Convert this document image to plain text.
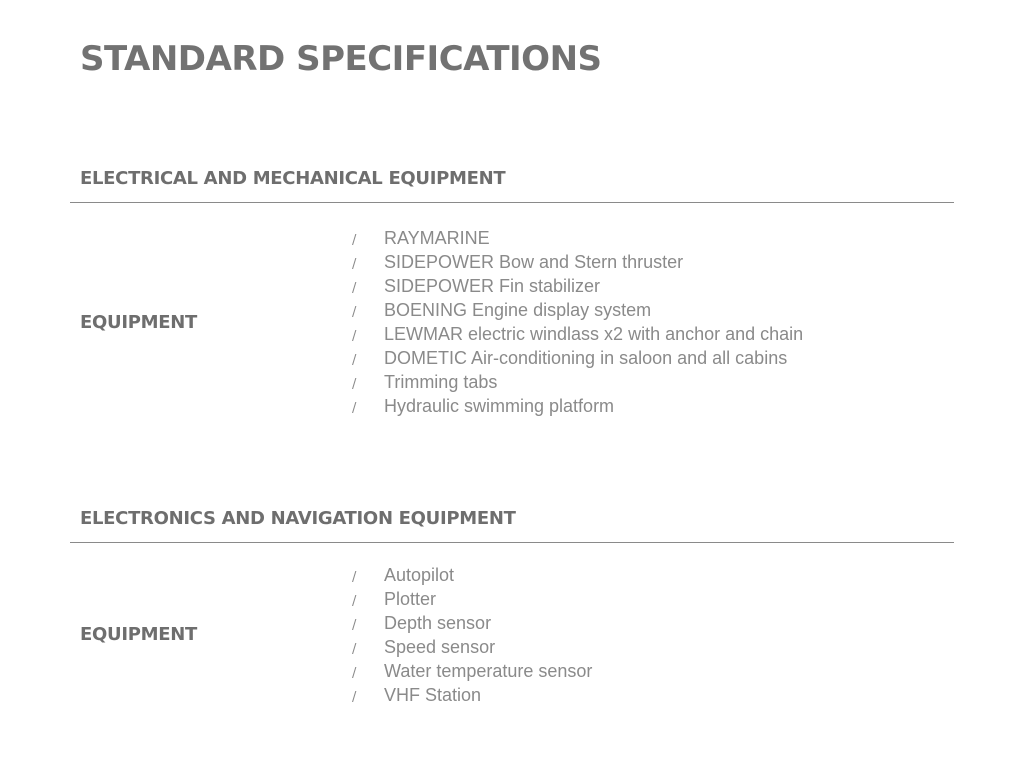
STANDARD SPECIFICATIONS
ELECTRICAL AND MECHANICAL EQUIPMENT
EQUIPMENT
/	RAYMARINE
/	SIDEPOWER Bow and Stern thruster
/	SIDEPOWER Fin stabilizer
/	BOENING Engine display system
/	LEWMAR electric windlass x2 with anchor and chain
/	DOMETIC Air-conditioning in saloon and all cabins
/	Trimming tabs
/	Hydraulic swimming platform
ELECTRONICS AND NAVIGATION EQUIPMENT
EQUIPMENT
/	Autopilot
/	Plotter
/	Depth sensor
/	Speed sensor
/	Water temperature sensor
/	VHF Station
